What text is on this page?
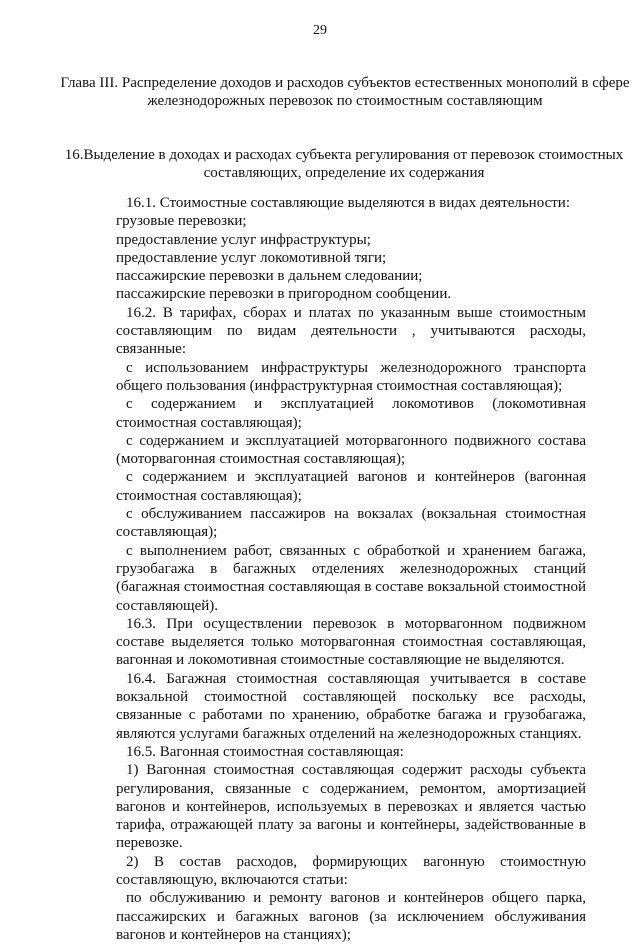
29
Глава III. Распределение доходов и расходов субъектов естественных монополий в сфере железнодорожных перевозок по стоимостным составляющим
16.Выделение в доходах и расходах субъекта регулирования от перевозок стоимостных составляющих, определение их содержания

16.1. Стоимостные составляющие выделяются в видах деятельности:

грузовые перевозки;

предоставление услуг инфраструктуры;

предоставление услуг локомотивной тяги;

пассажирские перевозки в дальнем следовании;

пассажирские перевозки в пригородном сообщении.

16.2. В тарифах, сборах и платах по указанным выше стоимостным составляющим по видам деятельности , учитываются расходы, связанные:

с использованием инфраструктуры железнодорожного транспорта общего пользования (инфраструктурная стоимостная составляющая);

с содержанием и эксплуатацией локомотивов (локомотивная стоимостная составляющая);

с содержанием и эксплуатацией моторвагонного подвижного состава (моторвагонная стоимостная составляющая);

с содержанием и эксплуатацией вагонов и контейнеров (вагонная стоимостная составляющая);

с обслуживанием пассажиров на вокзалах (вокзальная стоимостная составляющая);

с выполнением работ, связанных с обработкой и хранением багажа, грузобагажа в багажных отделениях железнодорожных станций (багажная стоимостная составляющая в составе вокзальной стоимостной составляющей).

16.3. При осуществлении перевозок в моторвагонном подвижном составе выделяется только моторвагонная стоимостная составляющая, вагонная и локомотивная стоимостные составляющие не выделяются.

16.4. Багажная стоимостная составляющая учитывается в составе вокзальной стоимостной составляющей поскольку все расходы, связанные с работами по хранению, обработке багажа и грузобагажа, являются услугами багажных отделений на железнодорожных станциях.

16.5. Вагонная стоимостная составляющая:

1) Вагонная стоимостная составляющая содержит расходы субъекта регулирования, связанные с содержанием, ремонтом, амортизацией вагонов и контейнеров, используемых в перевозках и является частью тарифа, отражающей плату за вагоны и контейнеры, задействованные в перевозке.

2) В состав расходов, формирующих вагонную стоимостную составляющую, включаются статьи:

по обслуживанию и ремонту вагонов и контейнеров общего парка, пассажирских и багажных вагонов (за исключением обслуживания вагонов и контейнеров на станциях);
